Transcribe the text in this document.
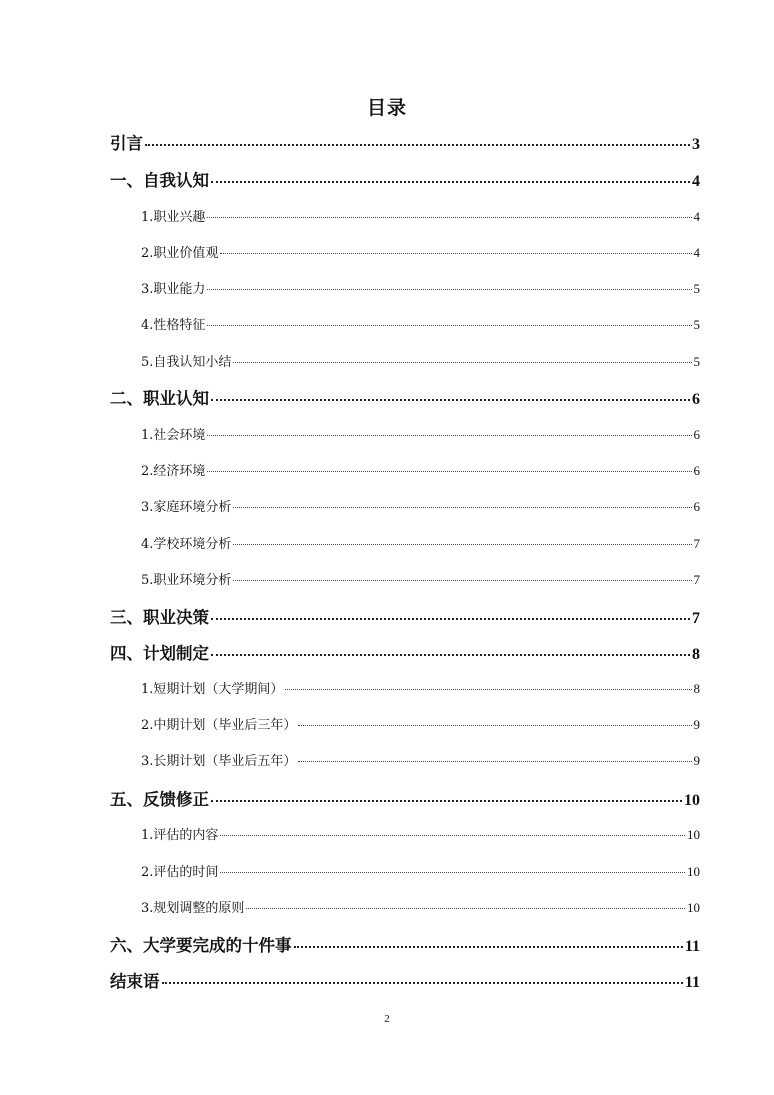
目录
引言	3
一、自我认知	4
1.职业兴趣	4
2.职业价值观	4
3.职业能力	5
4.性格特征	5
5.自我认知小结	5
二、职业认知	6
1.社会环境	6
2.经济环境	6
3.家庭环境分析	6
4.学校环境分析	7
5.职业环境分析	7
三、职业决策	7
四、计划制定	8
1.短期计划（大学期间）	8
2.中期计划（毕业后三年）	9
3.长期计划（毕业后五年）	9
五、反馈修正	10
1.评估的内容	10
2.评估的时间	10
3.规划调整的原则	10
六、大学要完成的十件事	11
结束语	11
2
